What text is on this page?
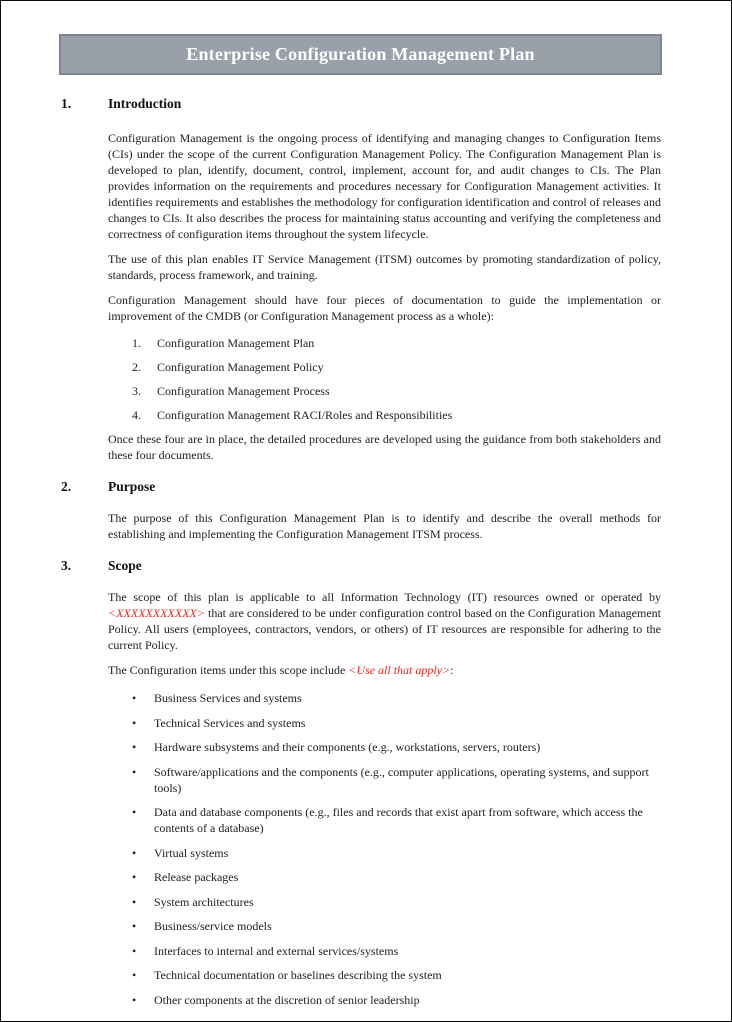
Enterprise Configuration Management Plan
1.	Introduction

Configuration Management is the ongoing process of identifying and managing changes to Configuration Items (CIs) under the scope of the current Configuration Management Policy. The Configuration Management Plan is developed to plan, identify, document, control, implement, account for, and audit changes to CIs. The Plan provides information on the requirements and procedures necessary for Configuration Management activities. It identifies requirements and establishes the methodology for configuration identification and control of releases and changes to CIs. It also describes the process for maintaining status accounting and verifying the completeness and correctness of configuration items throughout the system lifecycle.

The use of this plan enables IT Service Management (ITSM) outcomes by promoting standardization of policy, standards, process framework, and training.

Configuration Management should have four pieces of documentation to guide the implementation or improvement of the CMDB (or Configuration Management process as a whole):

1.	Configuration Management Plan
2.	Configuration Management Policy
3.	Configuration Management Process
4.	Configuration Management RACI/Roles and Responsibilities

Once these four are in place, the detailed procedures are developed using the guidance from both stakeholders and these four documents.

2.	Purpose

The purpose of this Configuration Management Plan is to identify and describe the overall methods for establishing and implementing the Configuration Management ITSM process.

3.	Scope

The scope of this plan is applicable to all Information Technology (IT) resources owned or operated by <XXXXXXXXXXX> that are considered to be under configuration control based on the Configuration Management Policy. All users (employees, contractors, vendors, or others) of IT resources are responsible for adhering to the current Policy.

The Configuration items under this scope include <Use all that apply>:

•
Business Services and systems
•
Technical Services and systems
•
Hardware subsystems and their components (e.g., workstations, servers, routers)
•
Software/applications and the components (e.g., computer applications, operating systems, and support tools)
•
Data and database components (e.g., files and records that exist apart from software, which access the contents of a database)
•
Virtual systems
•
Release packages
•
System architectures
•
Business/service models
•
Interfaces to internal and external services/systems
•
Technical documentation or baselines describing the system
•
Other components at the discretion of senior leadership
